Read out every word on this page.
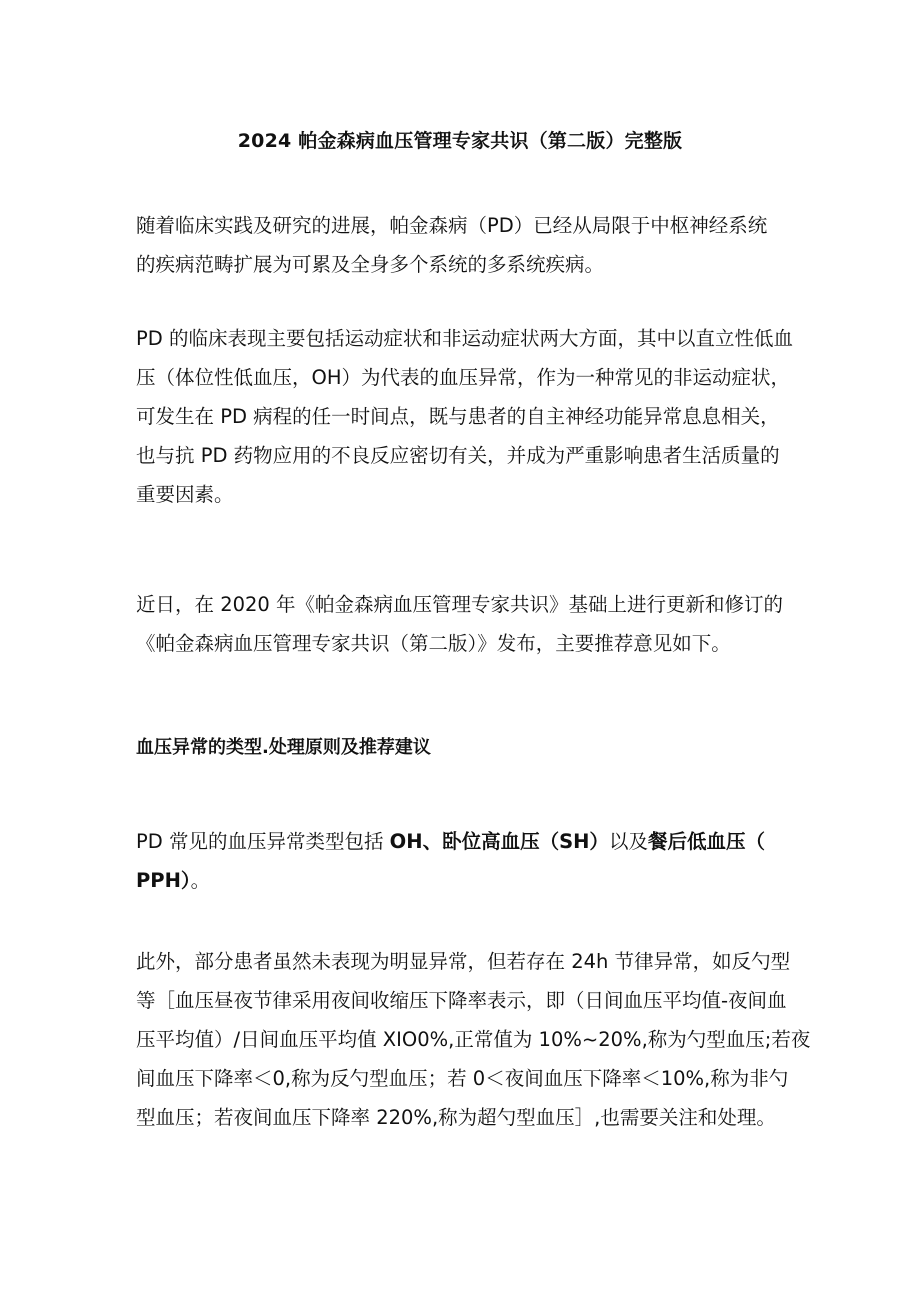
2024 帕金森病血压管理专家共识（第二版）完整版
随着临床实践及研究的进展，帕金森病（PD）已经从局限于中枢神经系统
的疾病范畴扩展为可累及全身多个系统的多系统疾病。
PD 的临床表现主要包括运动症状和非运动症状两大方面，其中以直立性低血
压（体位性低血压，OH）为代表的血压异常，作为一种常见的非运动症状，
可发生在 PD 病程的任一时间点，既与患者的自主神经功能异常息息相关，
也与抗 PD 药物应用的不良反应密切有关，并成为严重影响患者生活质量的
重要因素。
近日，在 2020 年《帕金森病血压管理专家共识》基础上进行更新和修订的
《帕金森病血压管理专家共识（第二版）》发布，主要推荐意见如下。
血压异常的类型.处理原则及推荐建议
PD 常见的血压异常类型包括 OH、卧位高血压（SH）以及餐后低血压（
PPH）。
此外，部分患者虽然未表现为明显异常，但若存在 24h 节律异常，如反勺型
等［血压昼夜节律采用夜间收缩压下降率表示，即（日间血压平均值-夜间血
压平均值）/日间血压平均值 XIO0%,正常值为 10%~20%,称为勺型血压;若夜
间血压下降率＜0,称为反勺型血压；若 0＜夜间血压下降率＜10%,称为非勺
型血压；若夜间血压下降率 220%,称为超勺型血压］,也需要关注和处理。
